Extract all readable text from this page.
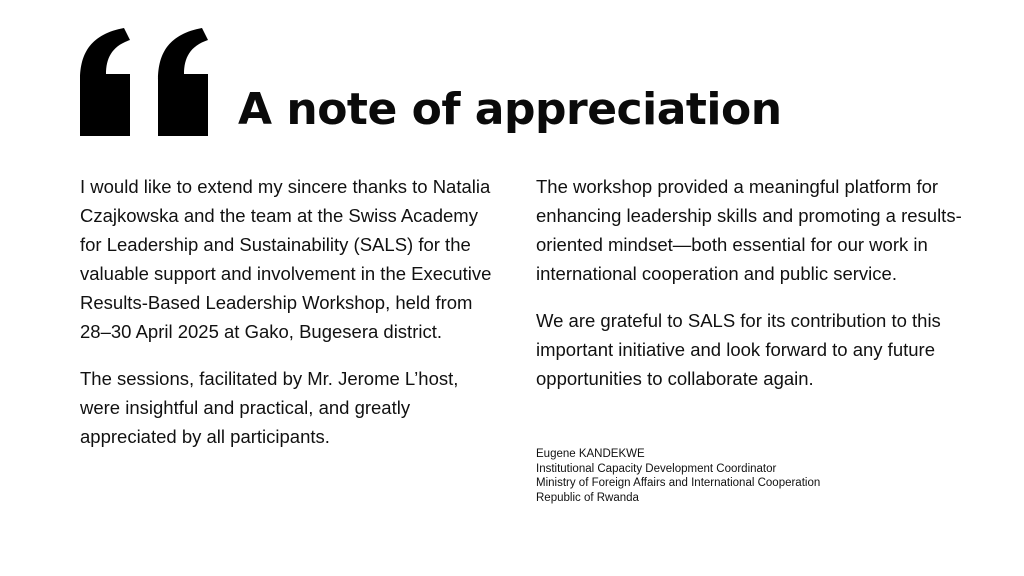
A note of appreciation

I would like to extend my sincere thanks to Natalia Czajkowska and the team at the Swiss Academy for Leadership and Sustainability (SALS) for the valuable support and involvement in the Executive Results-Based Leadership Workshop, held from 28–30 April 2025 at Gako, Bugesera district.

The sessions, facilitated by Mr. Jerome L’host, were insightful and practical, and greatly appreciated by all participants.

The workshop provided a meaningful platform for enhancing leadership skills and promoting a results-oriented mindset—both essential for our work in international cooperation and public service.

We are grateful to SALS for its contribution to this important initiative and look forward to any future opportunities to collaborate again.

Eugene KANDEKWE
Institutional Capacity Development Coordinator
Ministry of Foreign Affairs and International Cooperation
Republic of Rwanda
